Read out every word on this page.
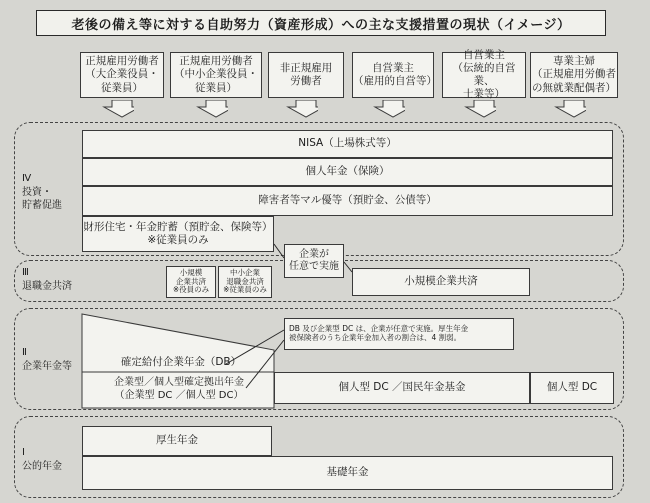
老後の備え等に対する自助努力（資産形成）への主な支援措置の現状（イメージ）
正規雇用労働者
（大企業役員・
従業員）
正規雇用労働者
（中小企業役員・
従業員）
非正規雇用
労働者
自営業主
（雇用的自営等）
自営業主
（伝統的自営業、
士業等）
専業主婦
（正規雇用労働者
の無就業配偶者）
Ⅳ
投資・
貯蓄促進
NISA（上場株式等）
個人年金（保険）
障害者等マル優等（預貯金、公債等）
財形住宅・年金貯蓄（預貯金、保険等）
※従業員のみ
企業が
任意で実施
Ⅲ
退職金共済
小規模
企業共済
※役員のみ
中小企業
退職金共済
※従業員のみ
小規模企業共済
Ⅱ
企業年金等
DB 及び企業型 DC は、企業が任意で実施。厚生年金
被保険者のうち企業年金加入者の割合は、4 割弱。
確定給付企業年金（DB）
企業型／個人型確定拠出年金
（企業型 DC ／個人型 DC）
個人型 DC ／国民年金基金	個人型 DC
Ⅰ
公的年金
厚生年金
基礎年金
